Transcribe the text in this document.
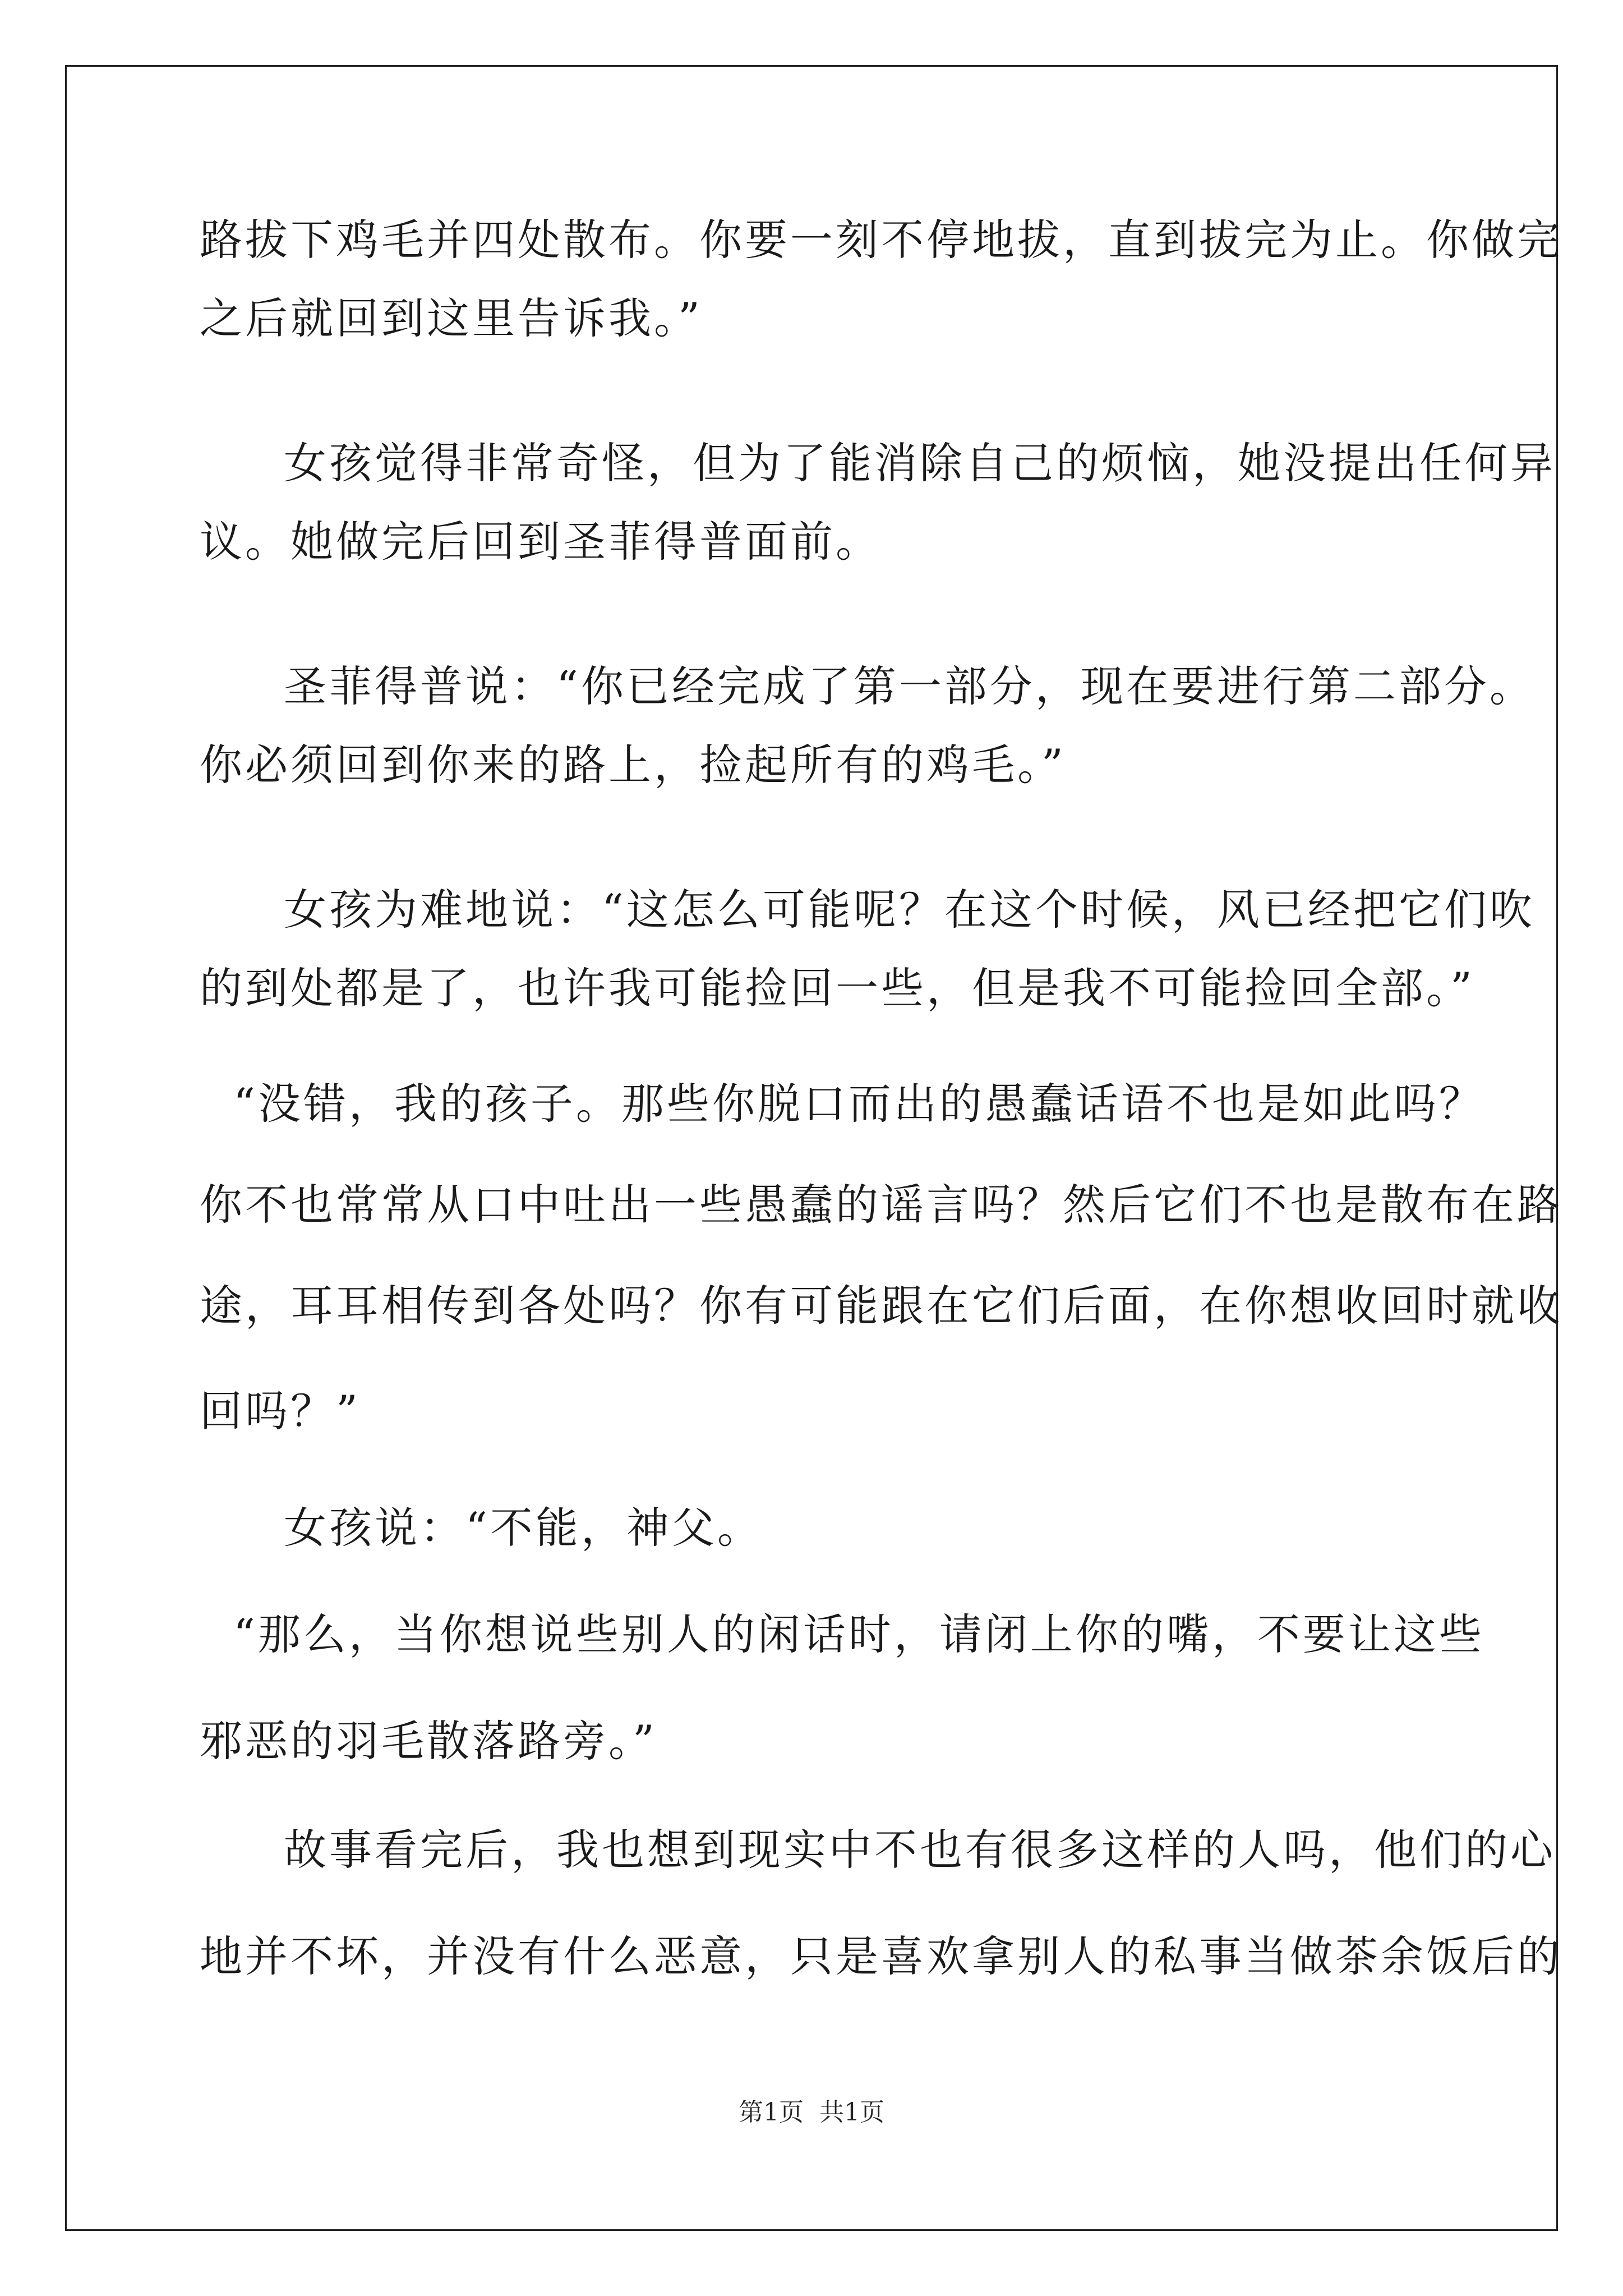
路拔下鸡毛并四处散布。你要一刻不停地拔，直到拔完为止。你做完
之后就回到这里告诉我。”
女孩觉得非常奇怪，但为了能消除自己的烦恼，她没提出任何异
议。她做完后回到圣菲得普面前。
圣菲得普说：“你已经完成了第一部分，现在要进行第二部分。
你必须回到你来的路上，捡起所有的鸡毛。”
女孩为难地说：“这怎么可能呢？在这个时候，风已经把它们吹
的到处都是了，也许我可能捡回一些，但是我不可能捡回全部。”
“没错，我的孩子。那些你脱口而出的愚蠢话语不也是如此吗？
你不也常常从口中吐出一些愚蠢的谣言吗？然后它们不也是散布在路
途，耳耳相传到各处吗？你有可能跟在它们后面，在你想收回时就收
回吗？”
女孩说：“不能，神父。
“那么，当你想说些别人的闲话时，请闭上你的嘴，不要让这些
邪恶的羽毛散落路旁。”
故事看完后，我也想到现实中不也有很多这样的人吗，他们的心
地并不坏，并没有什么恶意，只是喜欢拿别人的私事当做茶余饭后的
第1页 共1页
